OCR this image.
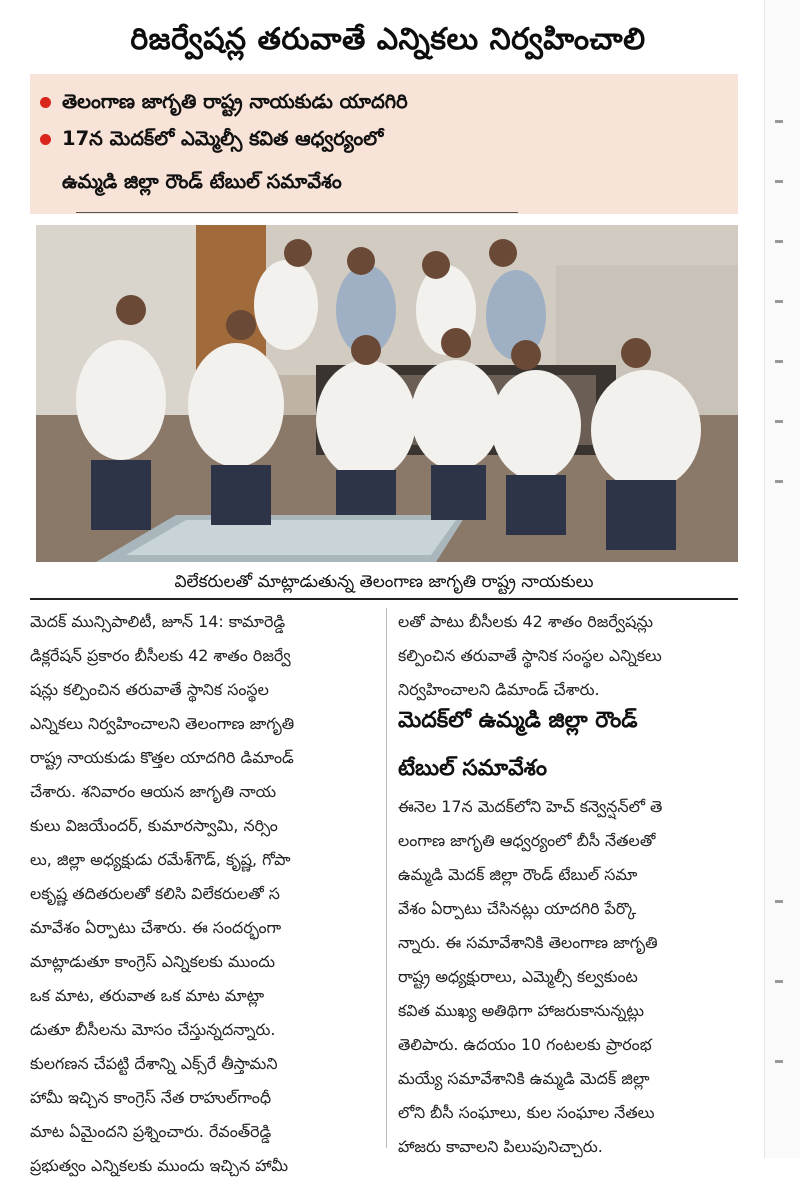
రిజర్వేషన్ల తరువాతే ఎన్నికలు నిర్వహించాలి
తెలంగాణ జాగృతి రాష్ట్ర నాయకుడు యాదగిరి
17న మెదక్‌లో ఎమ్మెల్సీ కవిత ఆధ్వర్యంలో
ఉమ్మడి జిల్లా రౌండ్ టేబుల్ సమావేశం
విలేకరులతో మాట్లాడుతున్న తెలంగాణ జాగృతి రాష్ట్ర నాయకులు
మెదక్ మున్సిపాలిటీ, జూన్ 14: కామారెడ్డి
డిక్లరేషన్ ప్రకారం బీసీలకు 42 శాతం రిజర్వే
షన్లు కల్పించిన తరువాతే స్థానిక సంస్థల
ఎన్నికలు నిర్వహించాలని తెలంగాణ జాగృతి
రాష్ట్ర నాయకుడు కొత్తల యాదగిరి డిమాండ్
చేశారు. శనివారం ఆయన జాగృతి నాయ
కులు విజయేందర్, కుమారస్వామి, నర్సిం
లు, జిల్లా అధ్యక్షుడు రమేశ్‌గౌడ్, కృష్ణ, గోపా
లకృష్ణ తదితరులతో కలిసి విలేకరులతో స
మావేశం ఏర్పాటు చేశారు. ఈ సందర్భంగా
మాట్లాడుతూ కాంగ్రెస్ ఎన్నికలకు ముందు
ఒక మాట, తరువాత ఒక మాట మాట్లా
డుతూ బీసీలను మోసం చేస్తున్నదన్నారు.
కులగణన చేపట్టి దేశాన్ని ఎక్స్‌రే తీస్తామని
హామీ ఇచ్చిన కాంగ్రెస్ నేత రాహుల్‌గాంధీ
మాట ఏమైందని ప్రశ్నించారు. రేవంత్‌రెడ్డి
ప్రభుత్వం ఎన్నికలకు ముందు ఇచ్చిన హామీ
లతో పాటు బీసీలకు 42 శాతం రిజర్వేషన్లు
కల్పించిన తరువాతే స్థానిక సంస్థల ఎన్నికలు
నిర్వహించాలని డిమాండ్ చేశారు.
మెదక్‌లో ఉమ్మడి జిల్లా రౌండ్
టేబుల్ సమావేశం
ఈనెల 17న మెదక్‌లోని హెచ్ కన్వెన్షన్‌లో తె
లంగాణ జాగృతి ఆధ్వర్యంలో బీసీ నేతలతో
ఉమ్మడి మెదక్ జిల్లా రౌండ్ టేబుల్ సమా
వేశం ఏర్పాటు చేసినట్లు యాదగిరి పేర్కొ
న్నారు. ఈ సమావేశానికి తెలంగాణ జాగృతి
రాష్ట్ర అధ్యక్షురాలు, ఎమ్మెల్సీ కల్వకుంట
కవిత ముఖ్య అతిథిగా హాజరుకానున్నట్లు
తెలిపారు. ఉదయం 10 గంటలకు ప్రారంభ
మయ్యే సమావేశానికి ఉమ్మడి మెదక్ జిల్లా
లోని బీసీ సంఘాలు, కుల సంఘాల నేతలు
హాజరు కావాలని పిలుపునిచ్చారు.
